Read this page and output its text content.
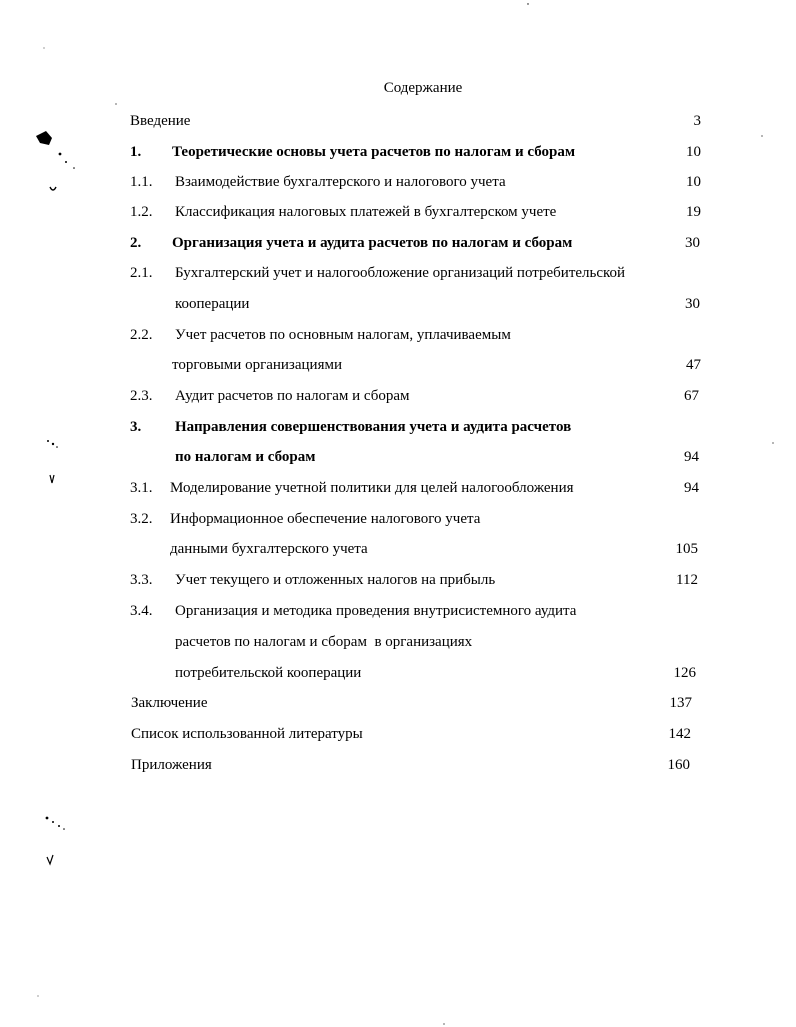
Содержание
Введение	3
1. Теоретические основы учета расчетов по налогам и сборам	10
1.1. Взаимодействие бухгалтерского и налогового учета	10
1.2. Классификация налоговых платежей в бухгалтерском учете	19
2. Организация учета и аудита расчетов по налогам и сборам	30
2.1. Бухгалтерский учет и налогообложение организаций потребительской
кооперации	30
2.2. Учет расчетов по основным налогам, уплачиваемым
торговыми организациями	47
2.3. Аудит расчетов по налогам и сборам	67
3. Направления совершенствования учета и аудита расчетов
по налогам и сборам	94
3.1. Моделирование учетной политики для целей налогообложения	94
3.2. Информационное обеспечение налогового учета
данными бухгалтерского учета	105
3.3. Учет текущего и отложенных налогов на прибыль	112
3.4. Организация и методика проведения внутрисистемного аудита
расчетов по налогам и сборам  в организациях
потребительской кооперации	126
Заключение	137
Список использованной литературы	142
Приложения	160
